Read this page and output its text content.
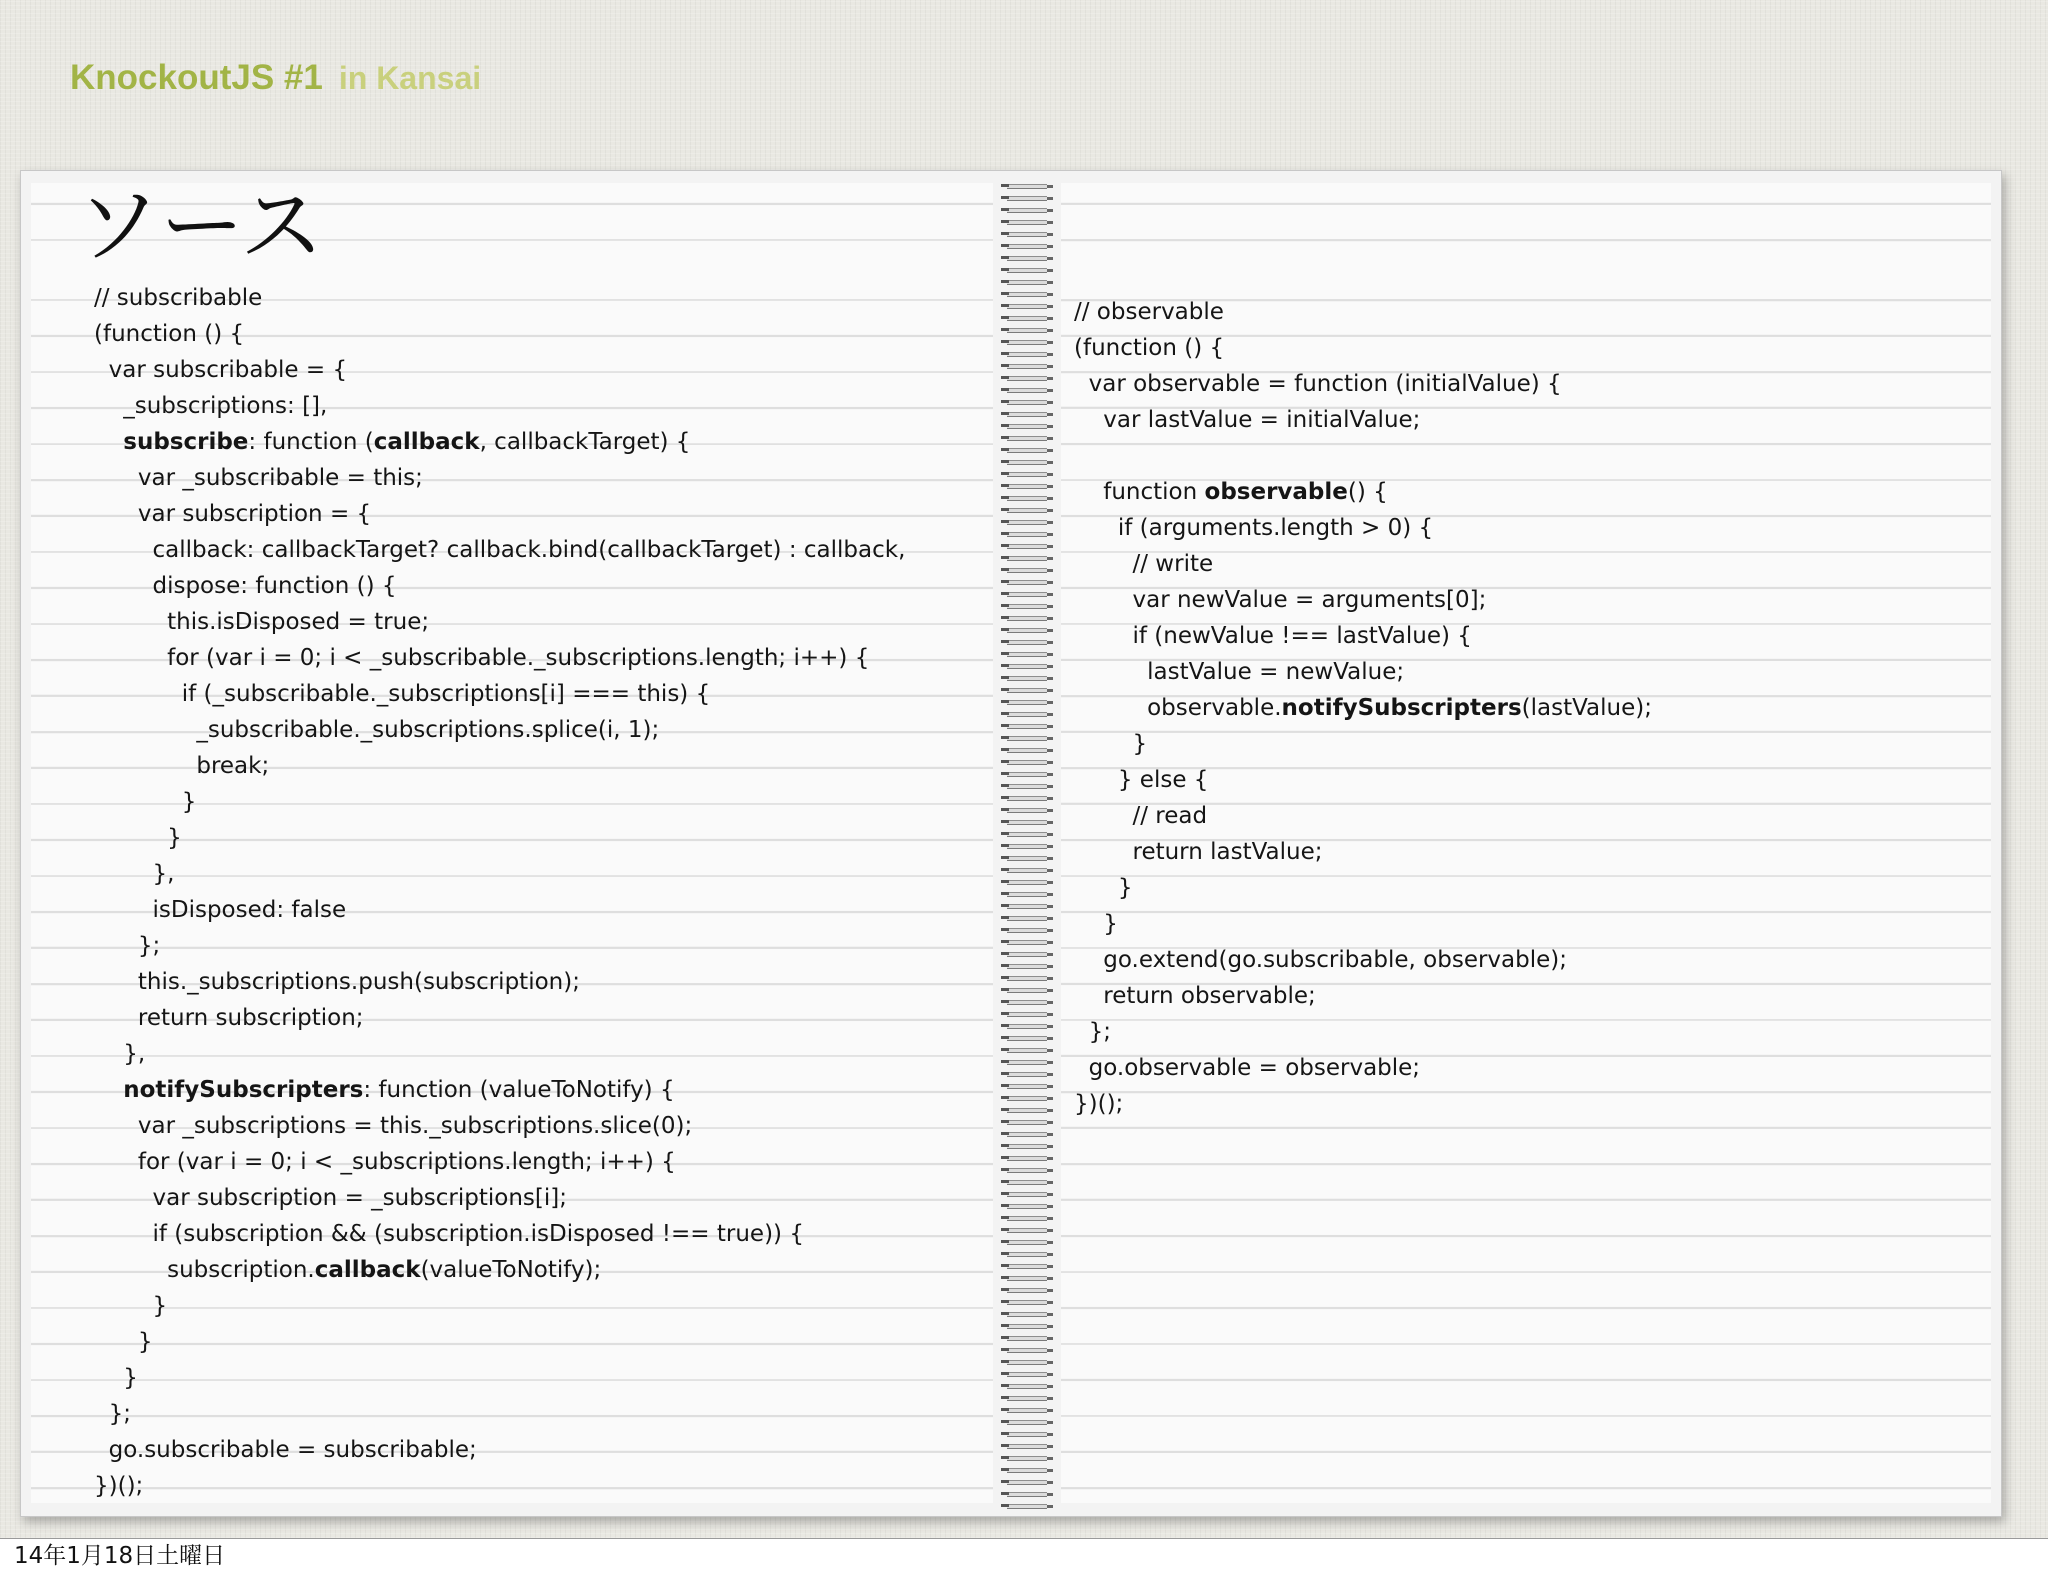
KnockoutJS #1 in Kansai
ソース
// subscribable
(function () {
var subscribable = {
_subscriptions: [],
subscribe: function (callback, callbackTarget) {
var _subscribable = this;
var subscription = {
callback: callbackTarget? callback.bind(callbackTarget) : callback,
dispose: function () {
this.isDisposed = true;
for (var i = 0; i < _subscribable._subscriptions.length; i++) {
if (_subscribable._subscriptions[i] === this) {
_subscribable._subscriptions.splice(i, 1);
break;
}
}
},
isDisposed: false
};
this._subscriptions.push(subscription);
return subscription;
},
notifySubscripters: function (valueToNotify) {
var _subscriptions = this._subscriptions.slice(0);
for (var i = 0; i < _subscriptions.length; i++) {
var subscription = _subscriptions[i];
if (subscription && (subscription.isDisposed !== true)) {
subscription.callback(valueToNotify);
}
}
}
};
go.subscribable = subscribable;
})();
// observable
(function () {
var observable = function (initialValue) {
var lastValue = initialValue;
function observable() {
if (arguments.length > 0) {
// write
var newValue = arguments[0];
if (newValue !== lastValue) {
lastValue = newValue;
observable.notifySubscripters(lastValue);
}
} else {
// read
return lastValue;
}
}
go.extend(go.subscribable, observable);
return observable;
};
go.observable = observable;
})();
14年1月18日土曜日
